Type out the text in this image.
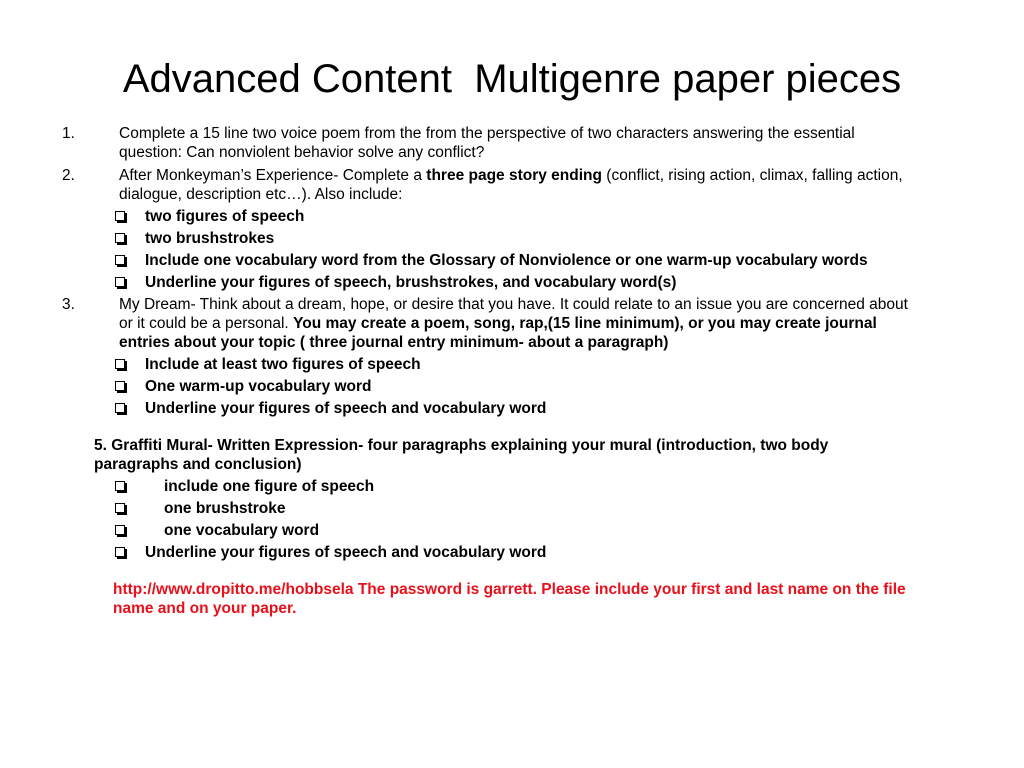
Advanced Content  Multigenre paper pieces
1.	Complete a 15 line two voice poem from the from the perspective of two characters answering the essential question: Can nonviolent behavior solve any conflict?
2.	After Monkeyman’s Experience- Complete a three page story ending (conflict, rising action, climax, falling action, dialogue, description etc…). Also include:
two figures of speech
two brushstrokes
Include one vocabulary word from the Glossary of Nonviolence or one warm-up vocabulary words
Underline your figures of speech, brushstrokes, and vocabulary word(s)
3.	My Dream- Think about a dream, hope, or desire that you have. It could relate to an issue you are concerned about or it could be a personal. You may create a poem, song, rap,(15 line minimum), or you may create journal entries about your topic ( three journal entry minimum- about a paragraph)
Include at least two figures of speech
One warm-up vocabulary word
Underline your figures of speech and vocabulary word
5. Graffiti Mural- Written Expression- four paragraphs explaining your mural (introduction, two body paragraphs and conclusion)
include one figure of speech
one brushstroke
one vocabulary word
Underline your figures of speech and vocabulary word
http://www.dropitto.me/hobbsela The password is garrett. Please include your first and last name on the file name and on your paper.
